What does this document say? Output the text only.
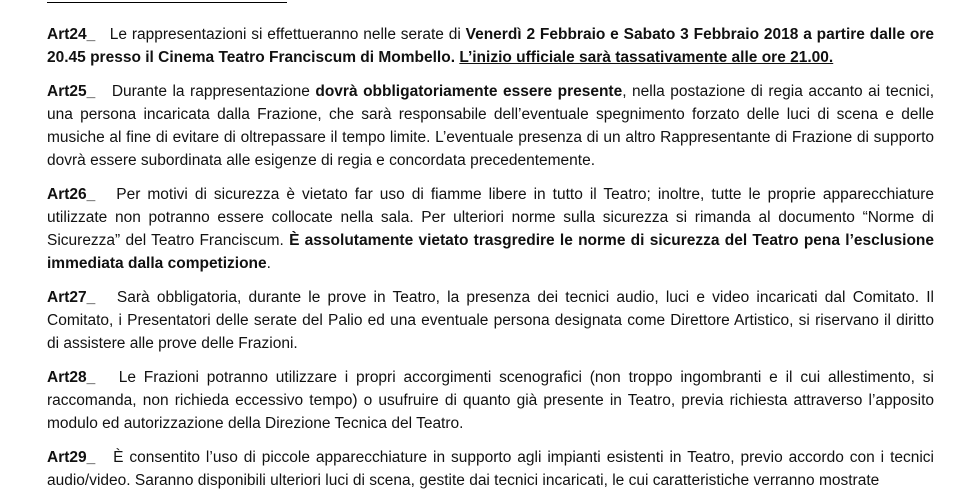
Art24_ Le rappresentazioni si effettueranno nelle serate di Venerdì 2 Febbraio e Sabato 3 Febbraio 2018 a partire dalle ore 20.45 presso il Cinema Teatro Franciscum di Mombello. L’inizio ufficiale sarà tassativamente alle ore 21.00.

Art25_ Durante la rappresentazione dovrà obbligatoriamente essere presente, nella postazione di regia accanto ai tecnici, una persona incaricata dalla Frazione, che sarà responsabile dell’eventuale spegnimento forzato delle luci di scena e delle musiche al fine di evitare di oltrepassare il tempo limite. L’eventuale presenza di un altro Rappresentante di Frazione di supporto dovrà essere subordinata alle esigenze di regia e concordata precedentemente.

Art26_ Per motivi di sicurezza è vietato far uso di fiamme libere in tutto il Teatro; inoltre, tutte le proprie apparecchiature utilizzate non potranno essere collocate nella sala. Per ulteriori norme sulla sicurezza si rimanda al documento “Norme di Sicurezza” del Teatro Franciscum. È assolutamente vietato trasgredire le norme di sicurezza del Teatro pena l’esclusione immediata dalla competizione.

Art27_ Sarà obbligatoria, durante le prove in Teatro, la presenza dei tecnici audio, luci e video incaricati dal Comitato. Il Comitato, i Presentatori delle serate del Palio ed una eventuale persona designata come Direttore Artistico, si riservano il diritto di assistere alle prove delle Frazioni.

Art28_ Le Frazioni potranno utilizzare i propri accorgimenti scenografici (non troppo ingombranti e il cui allestimento, si raccomanda, non richieda eccessivo tempo) o usufruire di quanto già presente in Teatro, previa richiesta attraverso l’apposito modulo ed autorizzazione della Direzione Tecnica del Teatro.

Art29_ È consentito l’uso di piccole apparecchiature in supporto agli impianti esistenti in Teatro, previo accordo con i tecnici audio/video. Saranno disponibili ulteriori luci di scena, gestite dai tecnici incaricati, le cui caratteristiche verranno mostrate
